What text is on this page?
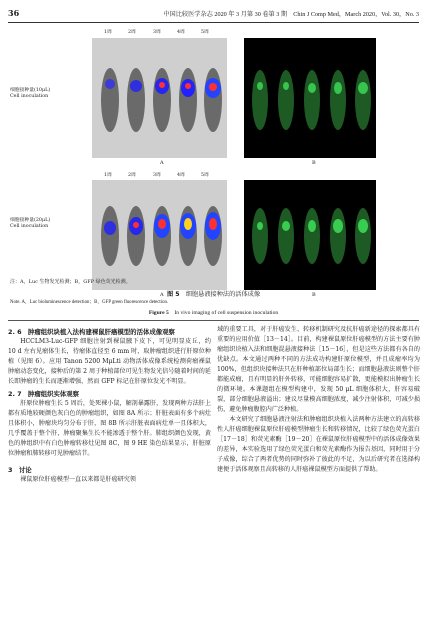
36	中国比较医学杂志 2020 年 3 月第 30 卷第 3 期　Chin J Comp Med，March 2020，Vol. 30，No. 3
1周	2周	3周	4周	5周
细胞接种量(10μL)
Cell inoculation
A	B
1周	2周	3周	4周	5周
细胞接种量(20μL)
Cell inoculation
A	B
注：A，Luc 生物发光检测；B，GFP 绿色荧光检测。
图 5　 细胞悬液接种法的活体成像
Note. A，Luc bioluminescence detection；B，GFP green fluorescence detection.
Figure 5　 In vivo imaging of cell suspension inoculation
2. 6　肿瘤组织块植入法构建裸鼠肝癌模型的活体成像观察

HCCLM3-Luc-GFP 细胞注射到裸鼠腋下皮下，可见明显皮丘，约 10 d 左右见瘤体生长，待瘤体直径至 6 mm 时，取肿瘤组织进行肝原位种植（见图 6）。应用 Tanon 5200 MμLti 动物活体成像系统检测荷瘤裸鼠肿瘤动态变化，接种后的第 2 周于种植部位可见生物发光信号随着时间的延长即肿瘤的生长而逐渐增强，然而 GFP 标记在肝原位发光不明显。

2. 7　肿瘤组织实体观察

肝原位肿瘤生长 5 周后，处死裸小鼠，解剖暴露肝，发现两种方法肝上都有质地较硬颜色灰白色的肿瘤组织，如图 8A 所示；肝脏表面有多个病灶且体积小，肿瘤块均匀分布于肝，图 8B 所示肝脏表面病灶单一且体积大，几乎覆盖于整个肝，肿瘤聚集生长不能渗透于整个肝。肺组织颜色发现，黄色的肿组织中有白色肿瘤转移灶见图 8C，图 9 HE 染色结果显示，肝脏原位肿瘤和肺转移可见肿瘤结节。

3　讨论

裸鼠原位肝癌模型一直以来都是肝癌研究领

域的重要工具，对于肝癌发生、转移机制研究及抗肝癌新途径的探索都具有重要的应用价值［13－14］。目前，构建裸鼠原位肝癌模型的方法主要有肿瘤组织块植入法和细胞混悬液接种法［15－16］，但是这些方法都有各自的优缺点。本文通过两种不同的方法成功构建肝原位模型，并且成瘤率均为 100%，但组织块接种法只在肝种植部位局部生长；而细胞悬液法则整个肝都能成瘤，且有明显的肝外转移，可能细胞容易扩散，更能模拟出肿瘤生长的微环境。本课题组在模型构建中，发现 50 μL 细胞体积大，肝容易破裂，部分细胞悬液溢出；建议尽量模高细胞浓度，减少注射体积，可减少损伤，避免肿瘤腹腔内广泛种植。

本文研究了细胞悬液注射法和肿瘤组织块植入法两种方法建立的高转移性人肝癌细胞裸鼠原位肝癌模型肿瘤生长和转移情况，比较了绿色荧光蛋白［17－18］和荧光素酶［19－20］在裸鼠原位肝癌模型中的活体成像效果的差异，本实验选用了绿色荧光蛋白和荧光素酶作为报告基因，同时用于分子成像，综合了两者优势的同时弥补了彼此的不足，为以后研究者在选择构建便于活体观察且高转移的人肝癌裸鼠模型方面提供了帮助。
